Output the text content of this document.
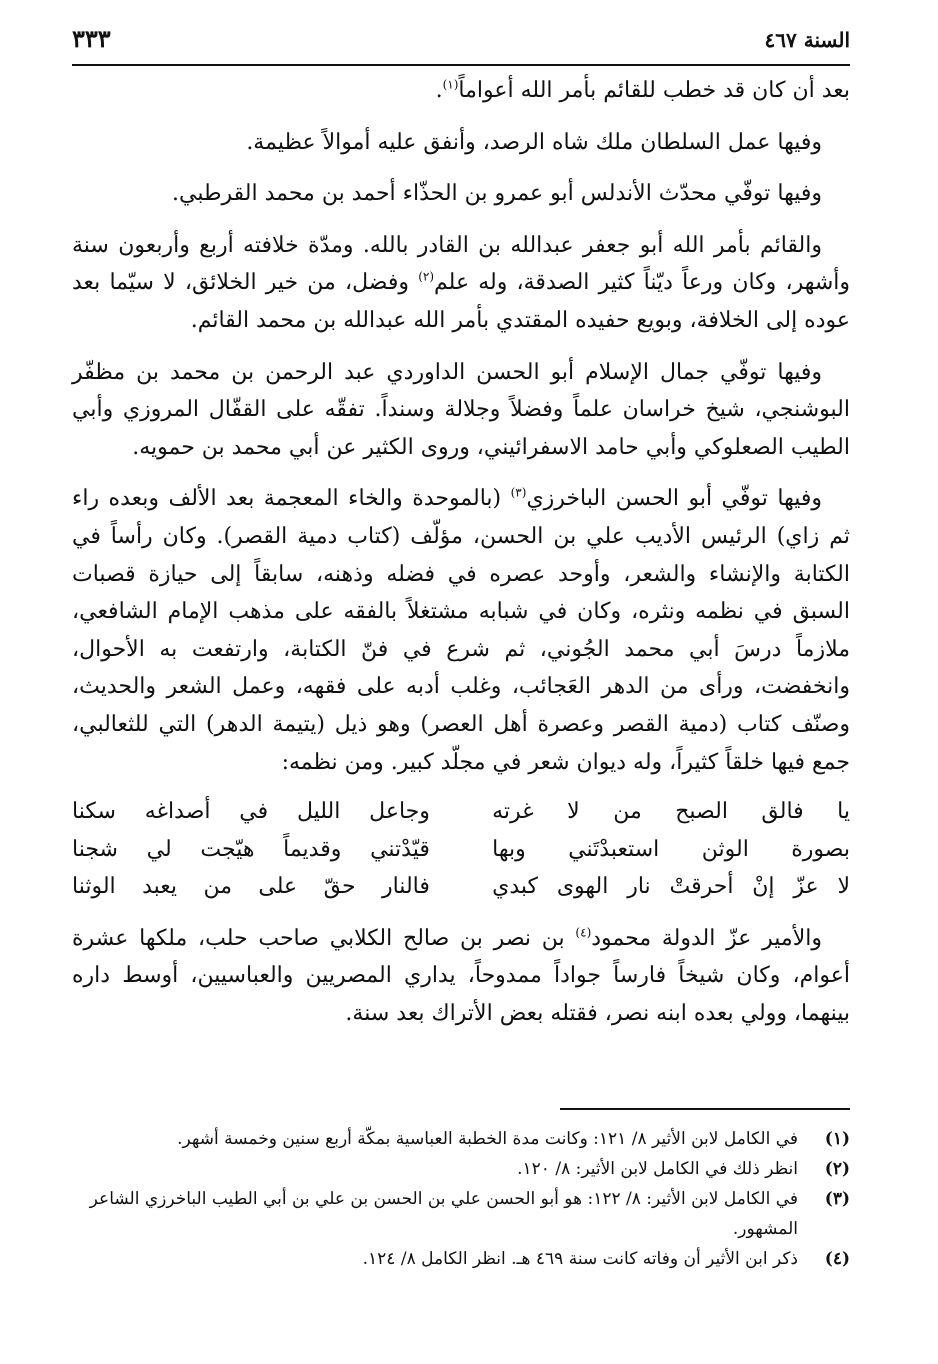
السنة ٤٦٧
٣٣٣

بعد أن كان قد خطب للقائم بأمر الله أعواماً$^{(١)}$.

وفيها عمل السلطان ملك شاه الرصد، وأنفق عليه أموالاً عظيمة.

وفيها توفّي محدّث الأندلس أبو عمرو بن الحذّاء أحمد بن محمد القرطبي.

والقائم بأمر الله أبو جعفر عبدالله بن القادر بالله. ومدّة خلافته أربع وأربعون سنة وأشهر، وكان ورعاً ديّناً كثير الصدقة، وله علم$^{(٢)}$ وفضل، من خير الخلائق، لا سيّما بعد عوده إلى الخلافة، وبويع حفيده المقتدي بأمر الله عبدالله بن محمد القائم.

وفيها توفّي جمال الإسلام أبو الحسن الداوردي عبد الرحمن بن محمد بن مظفّر البوشنجي، شيخ خراسان علماً وفضلاً وجلالة وسنداً. تفقّه على القفّال المروزي وأبي الطيب الصعلوكي وأبي حامد الاسفرائيني، وروى الكثير عن أبي محمد بن حمويه.

وفيها توفّي أبو الحسن الباخرزي$^{(٣)}$ (بالموحدة والخاء المعجمة بعد الألف وبعده راء ثم زاي) الرئيس الأديب علي بن الحسن، مؤلّف (كتاب دمية القصر). وكان رأساً في الكتابة والإنشاء والشعر، وأوحد عصره في فضله وذهنه، سابقاً إلى حيازة قصبات السبق في نظمه ونثره، وكان في شبابه مشتغلاً بالفقه على مذهب الإمام الشافعي، ملازماً درسَ أبي محمد الجُوني، ثم شرع في فنّ الكتابة، وارتفعت به الأحوال، وانخفضت، ورأى من الدهر العَجائب، وغلب أدبه على فقهه، وعمل الشعر والحديث، وصنّف كتاب (دمية القصر وعصرة أهل العصر) وهو ذيل (يتيمة الدهر) التي للثعالبي، جمع فيها خلقاً كثيراً، وله ديوان شعر في مجلّد كبير. ومن نظمه:

يا فالق الصبح من لا غرته
وجاعل الليل في أصداغه سكنا
بصورة الوثن استعبدْتَني وبها
قيّدْتني وقديماً هيّجت لي شجنا
لا عزّ إنْ أحرقتْ نار الهوى كبدي
فالنار حقّ على من يعبد الوثنا

والأمير عزّ الدولة محمود$^{(٤)}$ بن نصر بن صالح الكلابي صاحب حلب، ملكها عشرة أعوام، وكان شيخاً فارساً جواداً ممدوحاً، يداري المصريين والعباسيين، أوسط داره بينهما، وولي بعده ابنه نصر، فقتله بعض الأتراك بعد سنة.

(١)
في الكامل لابن الأثير ٨/ ١٢١: وكانت مدة الخطبة العباسية بمكّة أربع سنين وخمسة أشهر.
(٢)
انظر ذلك في الكامل لابن الأثير: ٨/ ١٢٠.
(٣)
في الكامل لابن الأثير: ٨/ ١٢٢: هو أبو الحسن علي بن الحسن بن علي بن أبي الطيب الباخرزي الشاعر المشهور.
(٤)
ذكر ابن الأثير أن وفاته كانت سنة ٤٦٩ هـ. انظر الكامل ٨/ ١٢٤.
